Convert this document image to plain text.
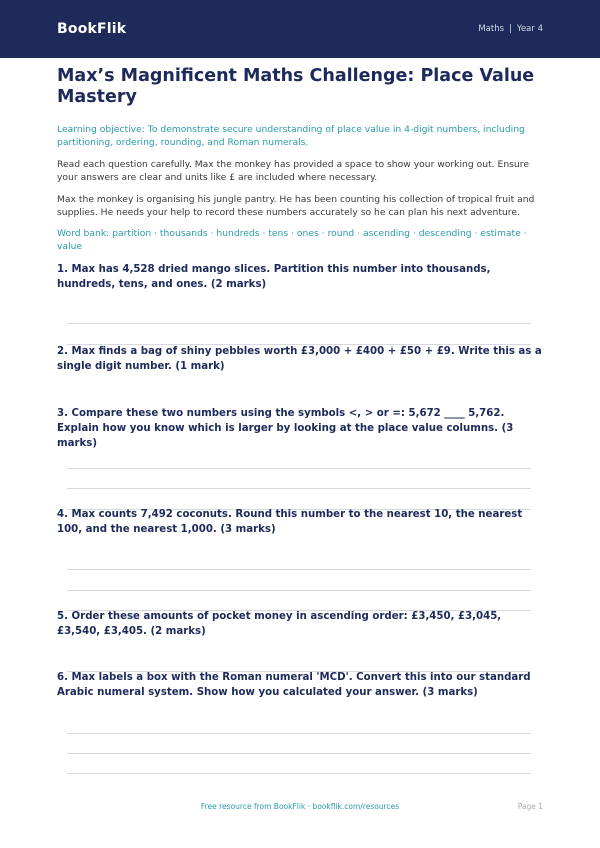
BookFlik	Maths | Year 4
Max’s Magnificent Maths Challenge: Place Value Mastery
Learning objective: To demonstrate secure understanding of place value in 4-digit numbers, including partitioning, ordering, rounding, and Roman numerals.
Read each question carefully. Max the monkey has provided a space to show your working out. Ensure your answers are clear and units like £ are included where necessary.
Max the monkey is organising his jungle pantry. He has been counting his collection of tropical fruit and supplies. He needs your help to record these numbers accurately so he can plan his next adventure.
Word bank: partition · thousands · hundreds · tens · ones · round · ascending · descending · estimate · value
1. Max has 4,528 dried mango slices. Partition this number into thousands, hundreds, tens, and ones. (2 marks)
2. Max finds a bag of shiny pebbles worth £3,000 + £400 + £50 + £9. Write this as a single digit number. (1 mark)
3. Compare these two numbers using the symbols <, > or =: 5,672 ____ 5,762. Explain how you know which is larger by looking at the place value columns. (3 marks)
4. Max counts 7,492 coconuts. Round this number to the nearest 10, the nearest 100, and the nearest 1,000. (3 marks)
5. Order these amounts of pocket money in ascending order: £3,450, £3,045, £3,540, £3,405. (2 marks)
6. Max labels a box with the Roman numeral 'MCD'. Convert this into our standard Arabic numeral system. Show how you calculated your answer. (3 marks)
Free resource from BookFlik · bookflik.com/resources	Page 1
